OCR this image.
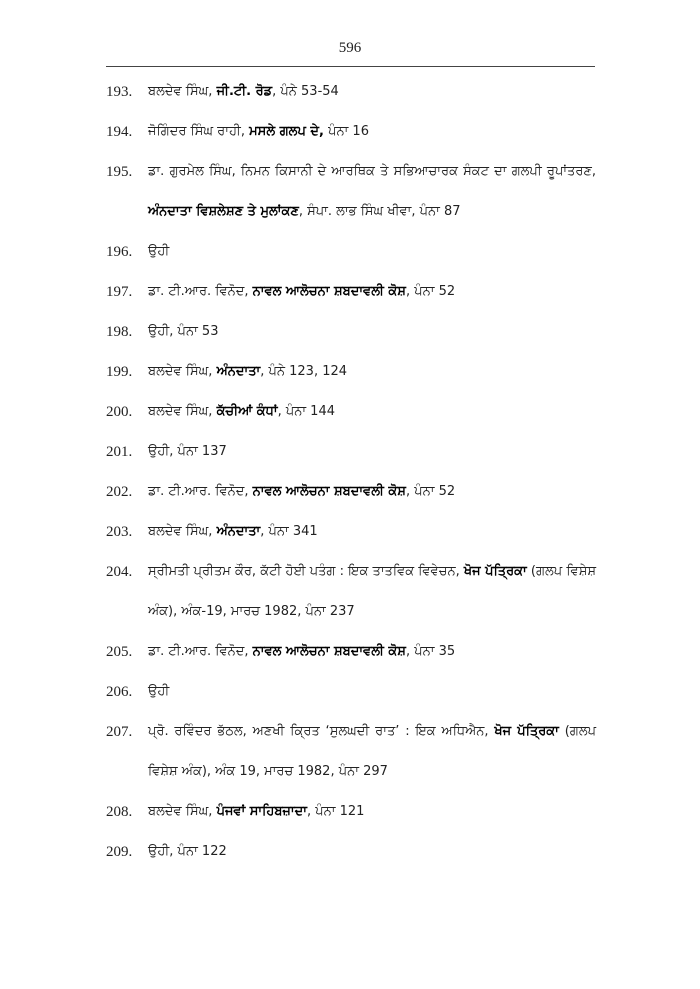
596
193. ਬਲਦੇਵ ਸਿੰਘ, ਜੀ.ਟੀ. ਰੋਡ, ਪੰਨੇ 53-54
194. ਜੋਗਿੰਦਰ ਸਿੰਘ ਰਾਹੀ, ਮਸਲੇ ਗਲਪ ਦੇ, ਪੰਨਾ 16
195. ਡਾ. ਗੁਰਮੇਲ ਸਿੰਘ, ਨਿਮਨ ਕਿਸਾਨੀ ਦੇ ਆਰਥਿਕ ਤੇ ਸਭਿਆਚਾਰਕ ਸੰਕਟ ਦਾ ਗਲਪੀ ਰੂਪਾਂਤਰਣ, ਅੰਨਦਾਤਾ ਵਿਸ਼ਲੇਸ਼ਣ ਤੇ ਮੁਲਾਂਕਣ, ਸੰਪਾ. ਲਾਭ ਸਿੰਘ ਖੀਵਾ, ਪੰਨਾ 87
196. ਉਹੀ
197. ਡਾ. ਟੀ.ਆਰ. ਵਿਨੋਦ, ਨਾਵਲ ਆਲੋਚਨਾ ਸ਼ਬਦਾਵਲੀ ਕੋਸ਼, ਪੰਨਾ 52
198. ਉਹੀ, ਪੰਨਾ 53
199. ਬਲਦੇਵ ਸਿੰਘ, ਅੰਨਦਾਤਾ, ਪੰਨੇ 123, 124
200. ਬਲਦੇਵ ਸਿੰਘ, ਕੱਚੀਆਂ ਕੰਧਾਂ, ਪੰਨਾ 144
201. ਉਹੀ, ਪੰਨਾ 137
202. ਡਾ. ਟੀ.ਆਰ. ਵਿਨੋਦ, ਨਾਵਲ ਆਲੋਚਨਾ ਸ਼ਬਦਾਵਲੀ ਕੋਸ਼, ਪੰਨਾ 52
203. ਬਲਦੇਵ ਸਿੰਘ, ਅੰਨਦਾਤਾ, ਪੰਨਾ 341
204. ਸ੍ਰੀਮਤੀ ਪ੍ਰੀਤਮ ਕੌਰ, ਕੱਟੀ ਹੋਈ ਪਤੰਗ : ਇਕ ਤਾਤਵਿਕ ਵਿਵੇਚਨ, ਖੋਜ ਪੱਤ੍ਰਿਕਾ (ਗਲਪ ਵਿਸ਼ੇਸ਼ ਅੰਕ), ਅੰਕ-19, ਮਾਰਚ 1982, ਪੰਨਾ 237
205. ਡਾ. ਟੀ.ਆਰ. ਵਿਨੋਦ, ਨਾਵਲ ਆਲੋਚਨਾ ਸ਼ਬਦਾਵਲੀ ਕੋਸ਼, ਪੰਨਾ 35
206. ਉਹੀ
207. ਪ੍ਰੋ. ਰਵਿੰਦਰ ਭੱਠਲ, ਅਣਖੀ ਕ੍ਰਿਤ ‘ਸੁਲਘਦੀ ਰਾਤ’ : ਇਕ ਅਧਿਐਨ, ਖੋਜ ਪੱਤ੍ਰਿਕਾ (ਗਲਪ ਵਿਸ਼ੇਸ਼ ਅੰਕ), ਅੰਕ 19, ਮਾਰਚ 1982, ਪੰਨਾ 297
208. ਬਲਦੇਵ ਸਿੰਘ, ਪੰਜਵਾਂ ਸਾਹਿਬਜ਼ਾਦਾ, ਪੰਨਾ 121
209. ਉਹੀ, ਪੰਨਾ 122
